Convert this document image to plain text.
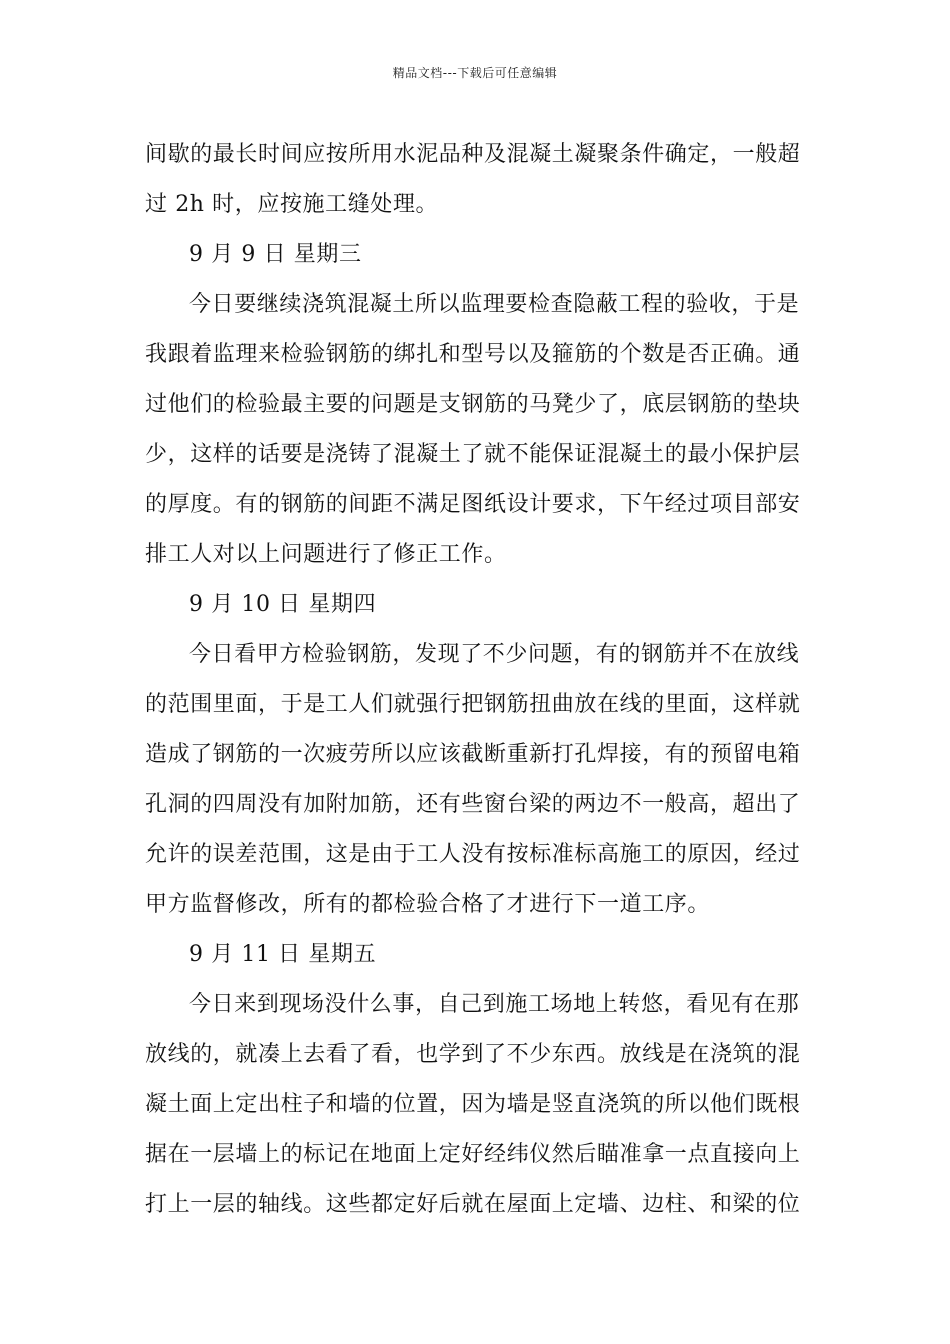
精品文档---下载后可任意编辑
间歇的最长时间应按所用水泥品种及混凝土凝聚条件确定，一般超
过 2h 时，应按施工缝处理。
9 月 9 日 星期三
今日要继续浇筑混凝土所以监理要检查隐蔽工程的验收，于是
我跟着监理来检验钢筋的绑扎和型号以及箍筋的个数是否正确。通
过他们的检验最主要的问题是支钢筋的马凳少了，底层钢筋的垫块
少，这样的话要是浇铸了混凝土了就不能保证混凝土的最小保护层
的厚度。有的钢筋的间距不满足图纸设计要求，下午经过项目部安
排工人对以上问题进行了修正工作。
9 月 10 日 星期四
今日看甲方检验钢筋，发现了不少问题，有的钢筋并不在放线
的范围里面，于是工人们就强行把钢筋扭曲放在线的里面，这样就
造成了钢筋的一次疲劳所以应该截断重新打孔焊接，有的预留电箱
孔洞的四周没有加附加筋，还有些窗台梁的两边不一般高，超出了
允许的误差范围，这是由于工人没有按标准标高施工的原因，经过
甲方监督修改，所有的都检验合格了才进行下一道工序。
9 月 11 日 星期五
今日来到现场没什么事，自己到施工场地上转悠，看见有在那
放线的，就凑上去看了看，也学到了不少东西。放线是在浇筑的混
凝土面上定出柱子和墙的位置，因为墙是竖直浇筑的所以他们既根
据在一层墙上的标记在地面上定好经纬仪然后瞄准拿一点直接向上
打上一层的轴线。这些都定好后就在屋面上定墙、边柱、和梁的位
